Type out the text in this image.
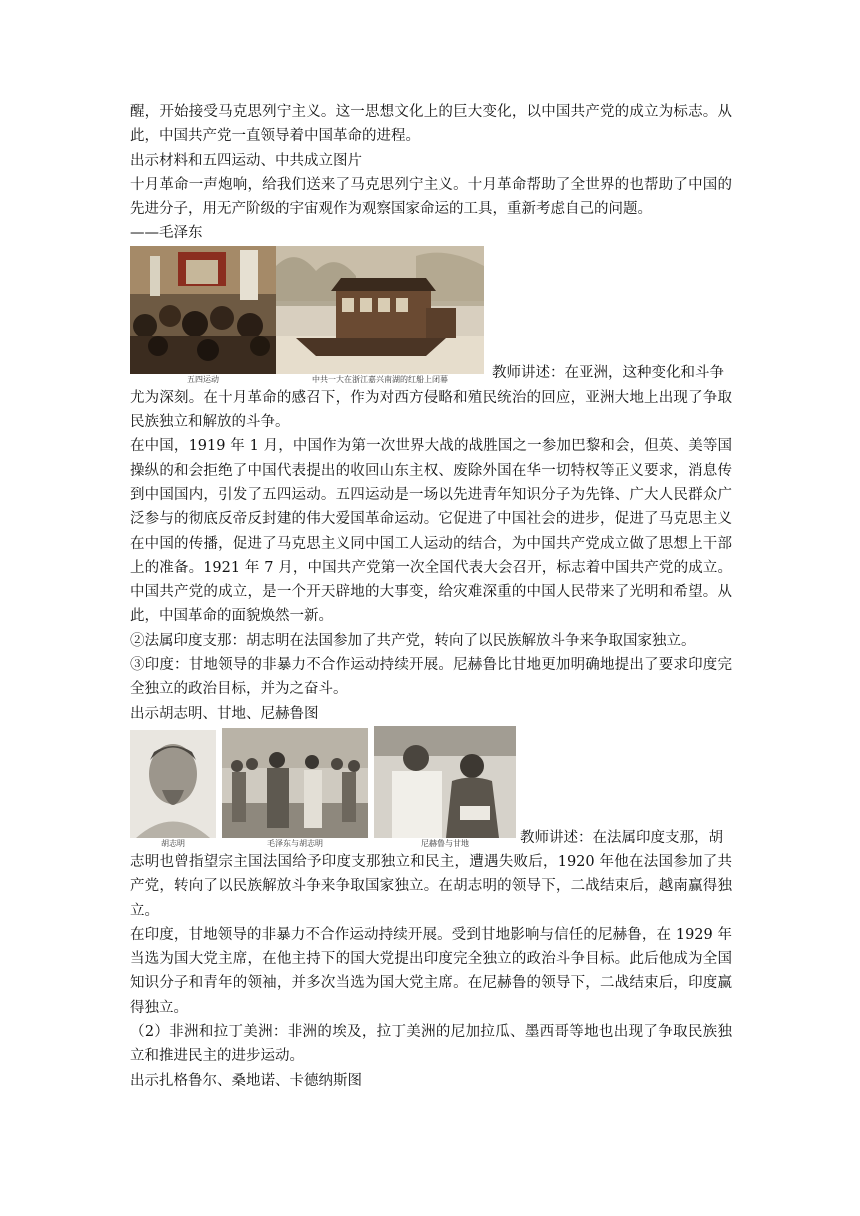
醒，开始接受马克思列宁主义。这一思想文化上的巨大变化，以中国共产党的成立为标志。从此，中国共产党一直领导着中国革命的进程。

出示材料和五四运动、中共成立图片

十月革命一声炮响，给我们送来了马克思列宁主义。十月革命帮助了全世界的也帮助了中国的先进分子，用无产阶级的宇宙观作为观察国家命运的工具，重新考虑自己的问题。

——毛泽东

五四运动	中共一大在浙江嘉兴南湖的红船上闭幕	教师讲述：在亚洲，这种变化和斗争

尤为深刻。在十月革命的感召下，作为对西方侵略和殖民统治的回应，亚洲大地上出现了争取民族独立和解放的斗争。

在中国，1919 年 1 月，中国作为第一次世界大战的战胜国之一参加巴黎和会，但英、美等国操纵的和会拒绝了中国代表提出的收回山东主权、废除外国在华一切特权等正义要求，消息传到中国国内，引发了五四运动。五四运动是一场以先进青年知识分子为先锋、广大人民群众广泛参与的彻底反帝反封建的伟大爱国革命运动。它促进了中国社会的进步，促进了马克思主义在中国的传播，促进了马克思主义同中国工人运动的结合，为中国共产党成立做了思想上干部上的准备。1921 年 7 月，中国共产党第一次全国代表大会召开，标志着中国共产党的成立。中国共产党的成立，是一个开天辟地的大事变，给灾难深重的中国人民带来了光明和希望。从此，中国革命的面貌焕然一新。

②法属印度支那：胡志明在法国参加了共产党，转向了以民族解放斗争来争取国家独立。

③印度：甘地领导的非暴力不合作运动持续开展。尼赫鲁比甘地更加明确地提出了要求印度完全独立的政治目标，并为之奋斗。

出示胡志明、甘地、尼赫鲁图

胡志明	毛泽东与胡志明	尼赫鲁与甘地	教师讲述：在法属印度支那，胡

志明也曾指望宗主国法国给予印度支那独立和民主，遭遇失败后，1920 年他在法国参加了共产党，转向了以民族解放斗争来争取国家独立。在胡志明的领导下，二战结束后，越南赢得独立。

在印度，甘地领导的非暴力不合作运动持续开展。受到甘地影响与信任的尼赫鲁，在 1929 年当选为国大党主席，在他主持下的国大党提出印度完全独立的政治斗争目标。此后他成为全国知识分子和青年的领袖，并多次当选为国大党主席。在尼赫鲁的领导下，二战结束后，印度赢得独立。

（2）非洲和拉丁美洲：非洲的埃及，拉丁美洲的尼加拉瓜、墨西哥等地也出现了争取民族独立和推进民主的进步运动。

出示扎格鲁尔、桑地诺、卡德纳斯图
